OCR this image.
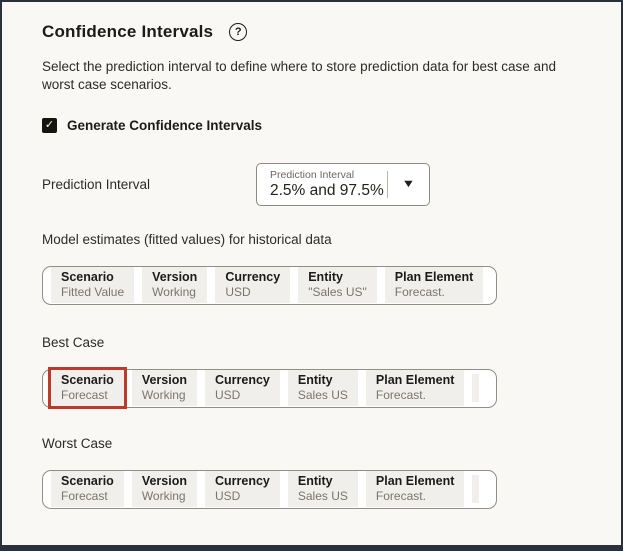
Confidence Intervals ?
Select the prediction interval to define where to store prediction data for best case and worst case scenarios.
✓ Generate Confidence Intervals
Prediction Interval
Prediction Interval
2.5% and 97.5% ▼
Model estimates (fitted values) for historical data
Scenario
Fitted Value
Version
Working
Currency
USD
Entity
"Sales US"
Plan Element
Forecast.
Best Case
Scenario
Forecast
Version
Working
Currency
USD
Entity
Sales US
Plan Element
Forecast.
Worst Case
Scenario
Forecast
Version
Working
Currency
USD
Entity
Sales US
Plan Element
Forecast.
